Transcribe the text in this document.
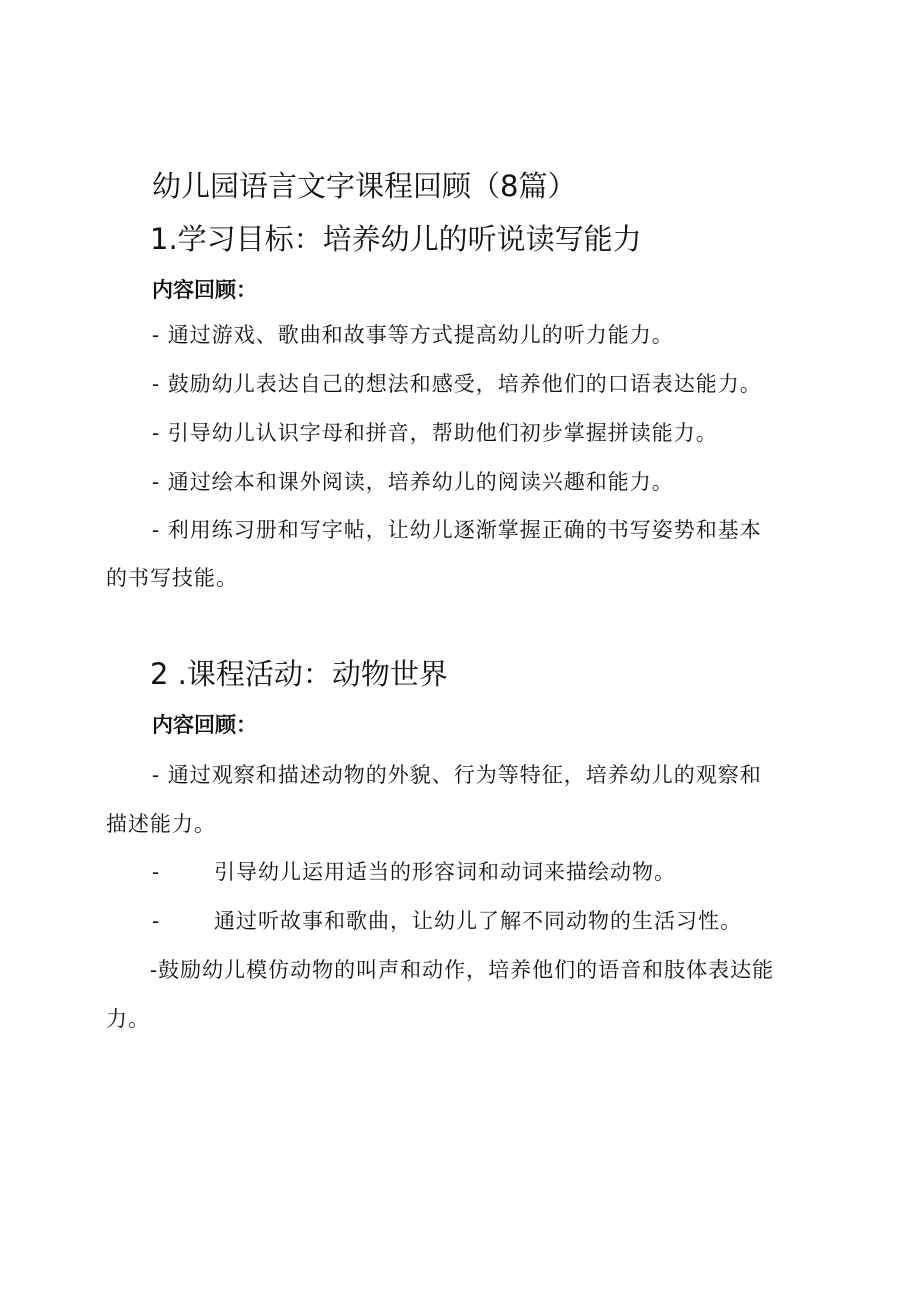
幼儿园语言文字课程回顾（8篇）
1.学习目标：培养幼儿的听说读写能力
内容回顾：

- 通过游戏、歌曲和故事等方式提高幼儿的听力能力。

- 鼓励幼儿表达自己的想法和感受，培养他们的口语表达能力。

- 引导幼儿认识字母和拼音，帮助他们初步掌握拼读能力。

- 通过绘本和课外阅读，培养幼儿的阅读兴趣和能力。

- 利用练习册和写字帖，让幼儿逐渐掌握正确的书写姿势和基本

的书写技能。

2 .课程活动：动物世界
内容回顾：

- 通过观察和描述动物的外貌、行为等特征，培养幼儿的观察和

描述能力。

-	引导幼儿运用适当的形容词和动词来描绘动物。

-	通过听故事和歌曲，让幼儿了解不同动物的生活习性。

-鼓励幼儿模仿动物的叫声和动作，培养他们的语音和肢体表达能

力。
